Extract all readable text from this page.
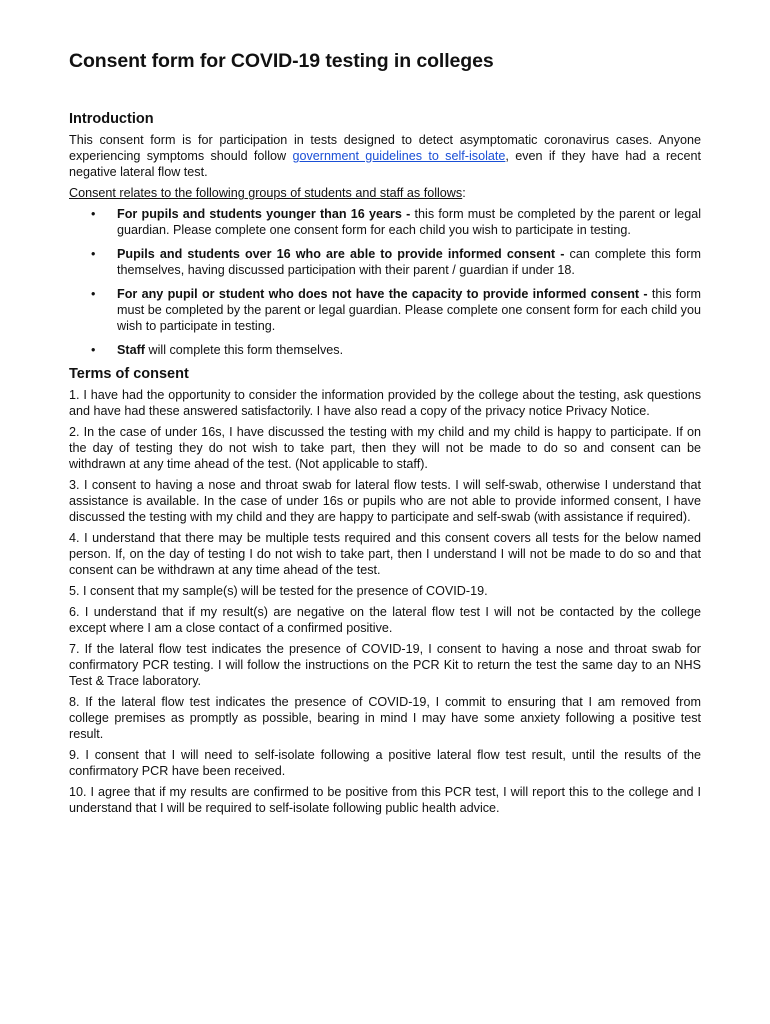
Consent form for COVID-19 testing in colleges
Introduction

This consent form is for participation in tests designed to detect asymptomatic coronavirus cases. Anyone experiencing symptoms should follow government guidelines to self-isolate, even if they have had a recent negative lateral flow test.

Consent relates to the following groups of students and staff as follows:

• For pupils and students younger than 16 years - this form must be completed by the parent or legal guardian. Please complete one consent form for each child you wish to participate in testing.
• Pupils and students over 16 who are able to provide informed consent - can complete this form themselves, having discussed participation with their parent / guardian if under 18.
• For any pupil or student who does not have the capacity to provide informed consent - this form must be completed by the parent or legal guardian. Please complete one consent form for each child you wish to participate in testing.
• Staff will complete this form themselves.
Terms of consent

1. I have had the opportunity to consider the information provided by the college about the testing, ask questions and have had these answered satisfactorily. I have also read a copy of the privacy notice Privacy Notice.

2. In the case of under 16s, I have discussed the testing with my child and my child is happy to participate. If on the day of testing they do not wish to take part, then they will not be made to do so and consent can be withdrawn at any time ahead of the test. (Not applicable to staff).

3. I consent to having a nose and throat swab for lateral flow tests. I will self-swab, otherwise I understand that assistance is available. In the case of under 16s or pupils who are not able to provide informed consent, I have discussed the testing with my child and they are happy to participate and self-swab (with assistance if required).

4. I understand that there may be multiple tests required and this consent covers all tests for the below named person. If, on the day of testing I do not wish to take part, then I understand I will not be made to do so and that consent can be withdrawn at any time ahead of the test.

5. I consent that my sample(s) will be tested for the presence of COVID-19.

6. I understand that if my result(s) are negative on the lateral flow test I will not be contacted by the college except where I am a close contact of a confirmed positive.

7. If the lateral flow test indicates the presence of COVID-19, I consent to having a nose and throat swab for confirmatory PCR testing. I will follow the instructions on the PCR Kit to return the test the same day to an NHS Test & Trace laboratory.

8. If the lateral flow test indicates the presence of COVID-19, I commit to ensuring that I am removed from college premises as promptly as possible, bearing in mind I may have some anxiety following a positive test result.

9. I consent that I will need to self-isolate following a positive lateral flow test result, until the results of the confirmatory PCR have been received.

10. I agree that if my results are confirmed to be positive from this PCR test, I will report this to the college and I understand that I will be required to self-isolate following public health advice.
